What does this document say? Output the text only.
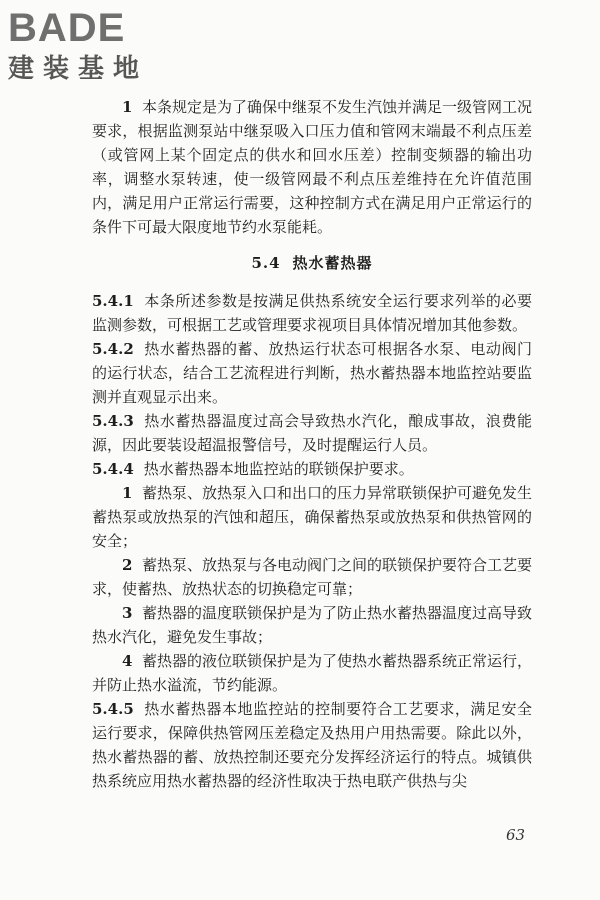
BADE
建装基地

1 本条规定是为了确保中继泵不发生汽蚀并满足一级管网工况要求，根据监测泵站中继泵吸入口压力值和管网末端最不利点压差（或管网上某个固定点的供水和回水压差）控制变频器的输出功率，调整水泵转速，使一级管网最不利点压差维持在允许值范围内，满足用户正常运行需要，这种控制方式在满足用户正常运行的条件下可最大限度地节约水泵能耗。

5.4 热水蓄热器

5.4.1 本条所述参数是按满足供热系统安全运行要求列举的必要监测参数，可根据工艺或管理要求视项目具体情况增加其他参数。

5.4.2 热水蓄热器的蓄、放热运行状态可根据各水泵、电动阀门的运行状态，结合工艺流程进行判断，热水蓄热器本地监控站要监测并直观显示出来。

5.4.3 热水蓄热器温度过高会导致热水汽化，酿成事故，浪费能源，因此要装设超温报警信号，及时提醒运行人员。

5.4.4 热水蓄热器本地监控站的联锁保护要求。

1 蓄热泵、放热泵入口和出口的压力异常联锁保护可避免发生蓄热泵或放热泵的汽蚀和超压，确保蓄热泵或放热泵和供热管网的安全；

2 蓄热泵、放热泵与各电动阀门之间的联锁保护要符合工艺要求，使蓄热、放热状态的切换稳定可靠；

3 蓄热器的温度联锁保护是为了防止热水蓄热器温度过高导致热水汽化，避免发生事故；

4 蓄热器的液位联锁保护是为了使热水蓄热器系统正常运行，并防止热水溢流，节约能源。

5.4.5 热水蓄热器本地监控站的控制要符合工艺要求，满足安全运行要求，保障供热管网压差稳定及热用户用热需要。除此以外，热水蓄热器的蓄、放热控制还要充分发挥经济运行的特点。城镇供热系统应用热水蓄热器的经济性取决于热电联产供热与尖

63
